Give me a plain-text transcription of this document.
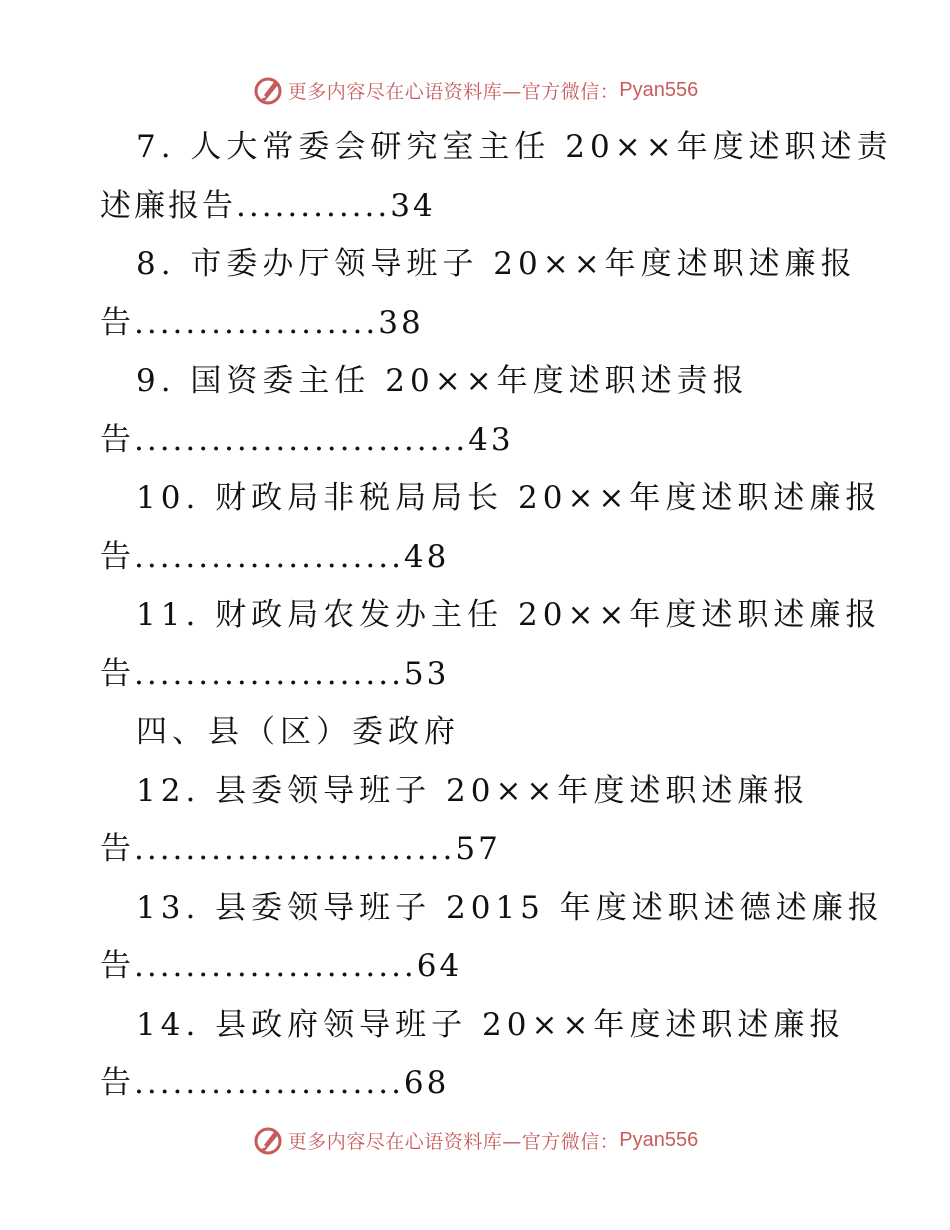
更多内容尽在心语资料库—官方微信： Pyan556
7. 人大常委会研究室主任 20××年度述职述责
述廉报告............34
8. 市委办厅领导班子 20××年度述职述廉报
告...................38
9. 国资委主任 20××年度述职述责报
告..........................43
10. 财政局非税局局长 20××年度述职述廉报
告.....................48
11. 财政局农发办主任 20××年度述职述廉报
告.....................53
四、县（区）委政府
12. 县委领导班子 20××年度述职述廉报
告.........................57
13. 县委领导班子 2015 年度述职述德述廉报
告......................64
14. 县政府领导班子 20××年度述职述廉报
告.....................68
更多内容尽在心语资料库—官方微信： Pyan556
